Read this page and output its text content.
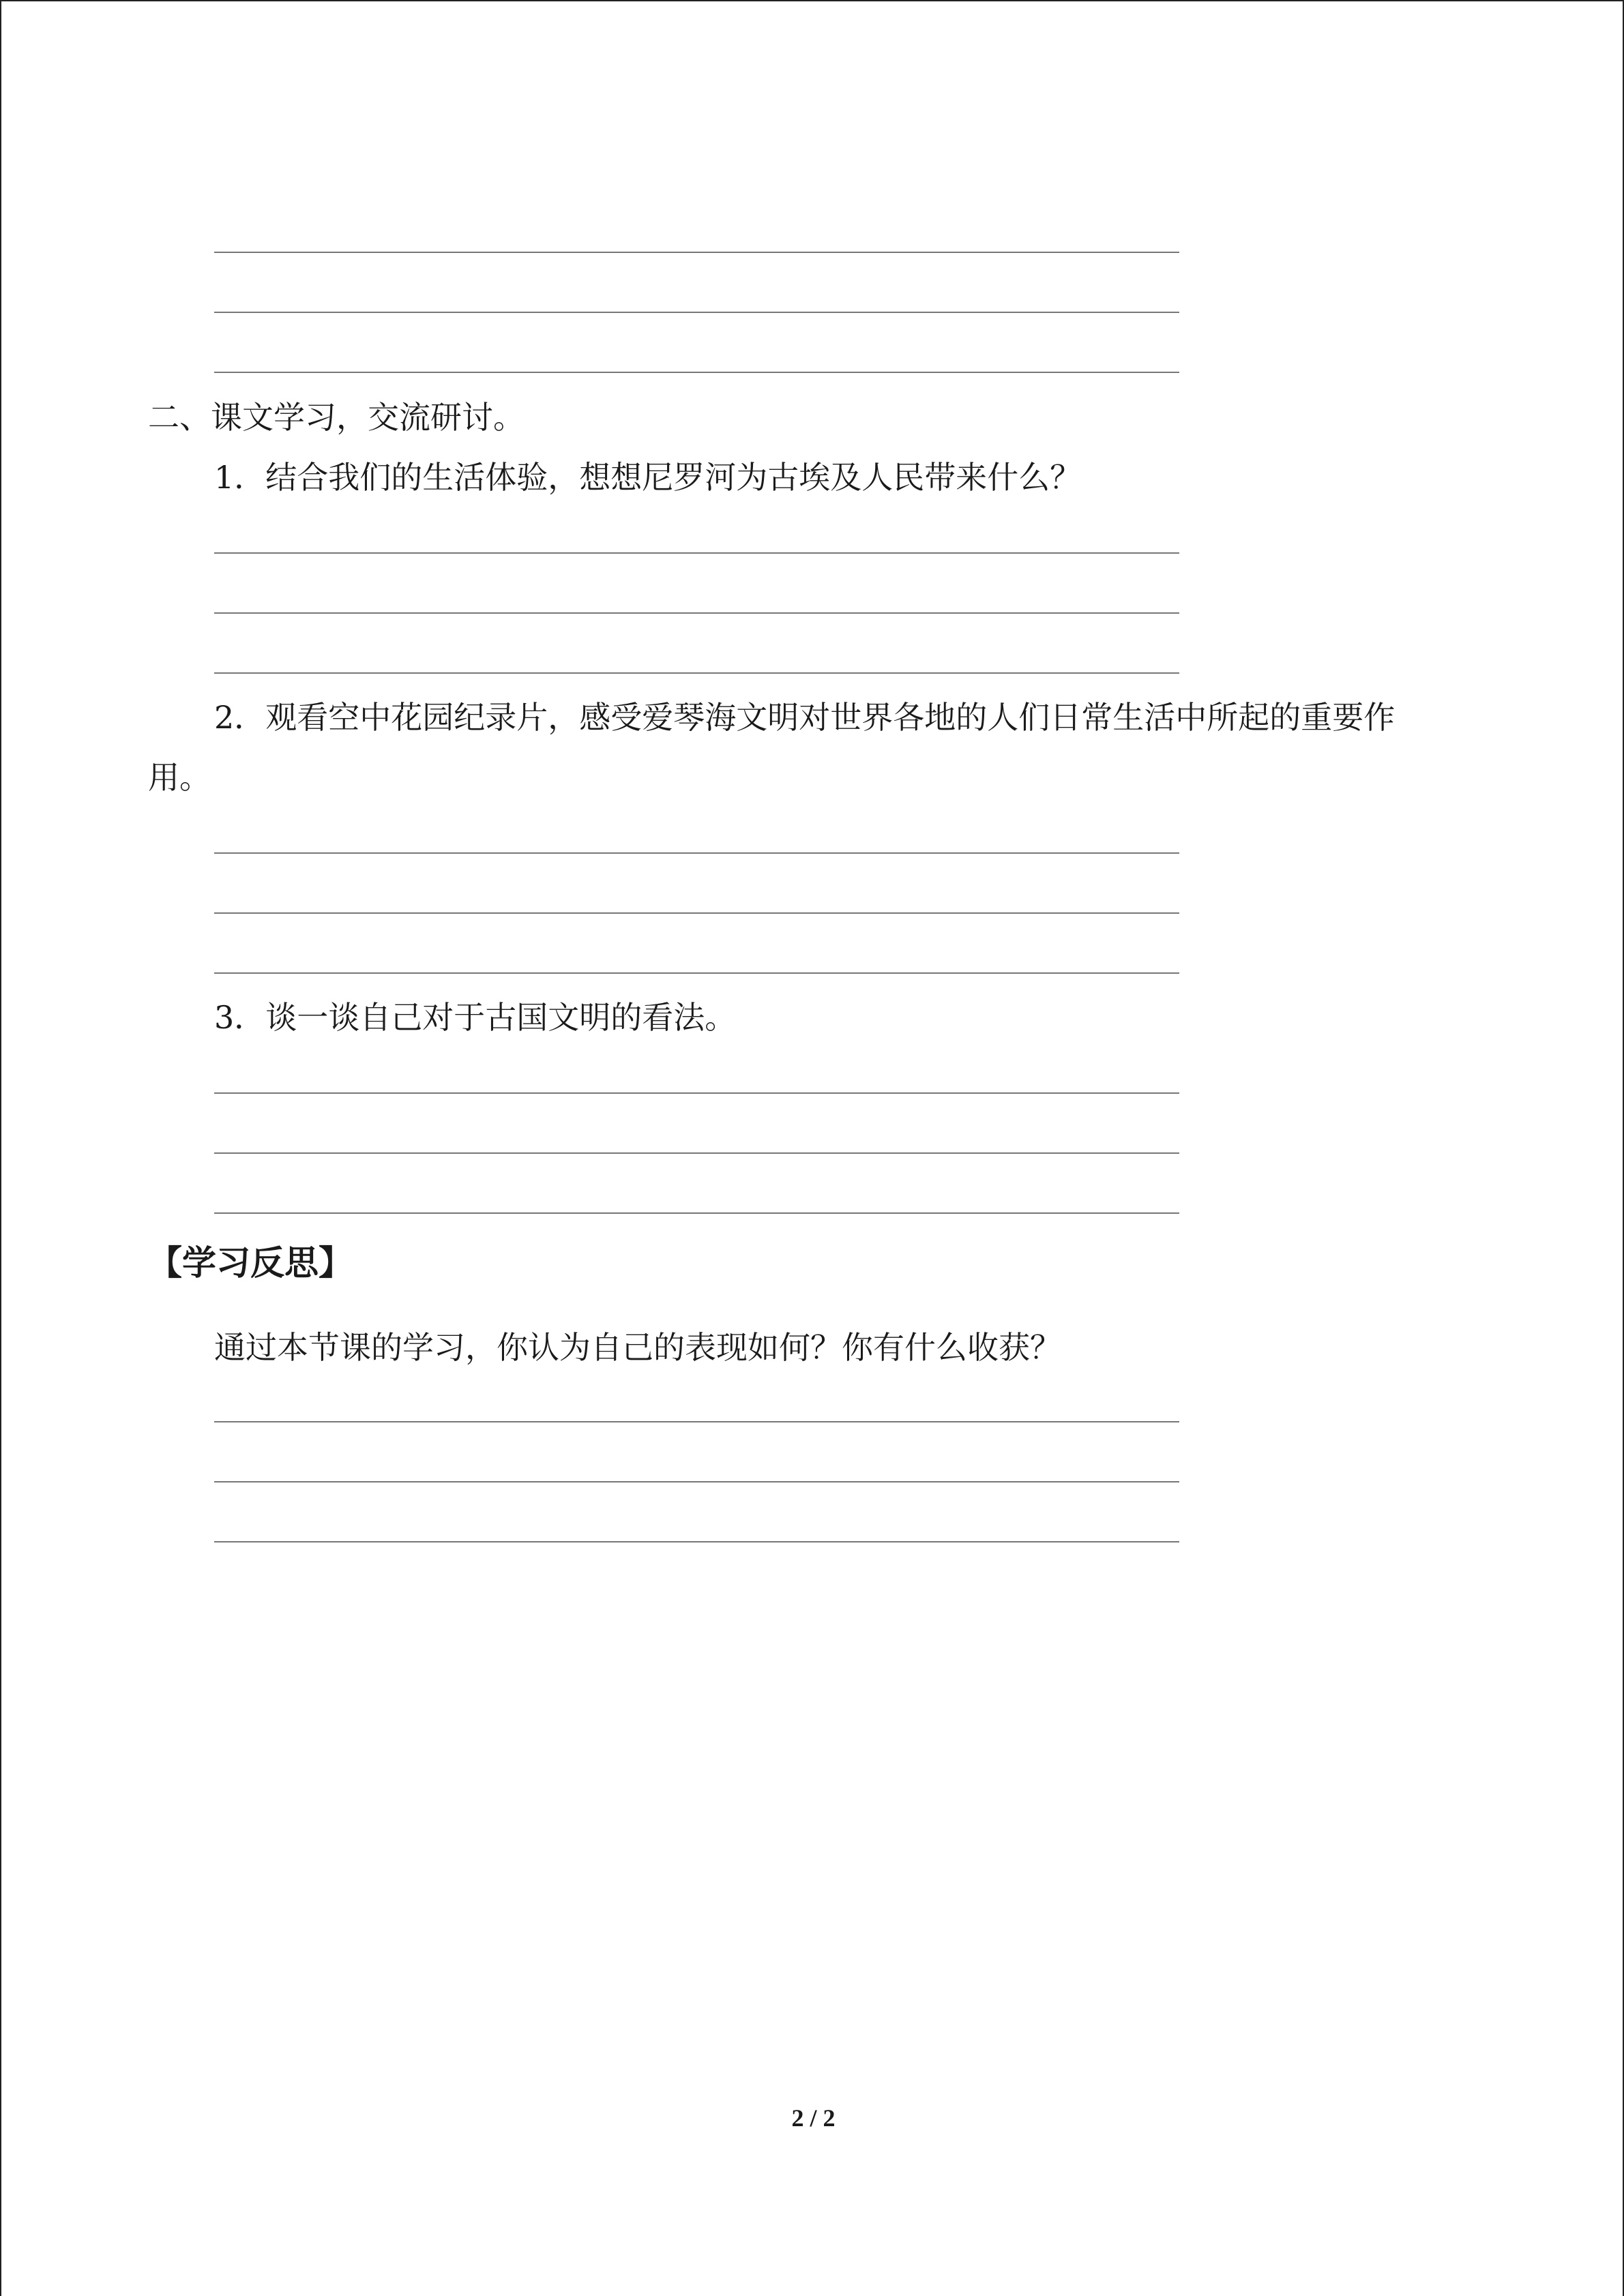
二、课文学习，交流研讨。
1．结合我们的生活体验，想想尼罗河为古埃及人民带来什么？
2．观看空中花园纪录片，感受爱琴海文明对世界各地的人们日常生活中所起的重要作
用。
3．谈一谈自己对于古国文明的看法。
【学习反思】
通过本节课的学习，你认为自己的表现如何？你有什么收获？
2 / 2
